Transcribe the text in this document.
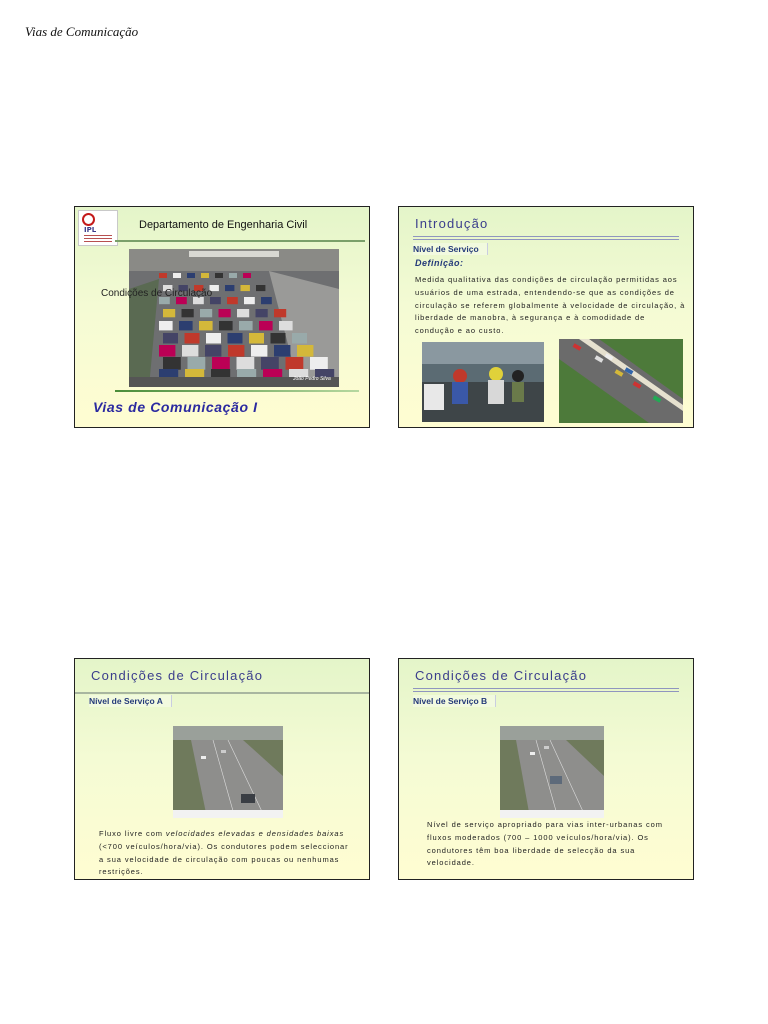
Vias de Comunicação
IPL	Departamento de Engenharia Civil
Condições de Circulação
João Pedro Silva
Vias de Comunicação I
Introdução
Nível de Serviço
Definição:
Medida qualitativa das condições de circulação permitidas aos usuários de uma estrada, entendendo-se que as condições de circulação se referem globalmente à velocidade de circulação, à liberdade de manobra, à segurança e à comodidade de condução e ao custo.
Condições de Circulação
Nível de Serviço A
Fluxo livre com velocidades elevadas e densidades baixas (<700 veículos/hora/via). Os condutores podem seleccionar a sua velocidade de circulação com poucas ou nenhumas restrições.
Condições de Circulação
Nível de Serviço B
Nível de serviço apropriado para vias inter-urbanas com fluxos moderados (700 – 1000 veículos/hora/via). Os condutores têm boa liberdade de selecção da sua velocidade.
